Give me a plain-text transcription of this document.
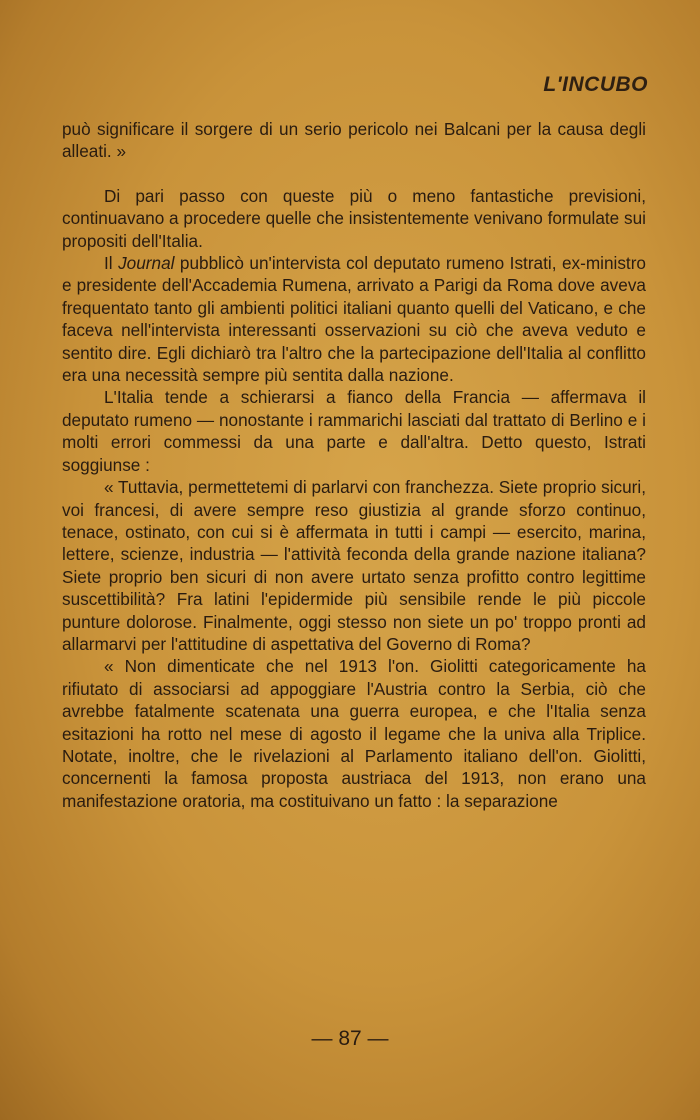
L'INCUBO

può significare il sorgere di un serio pericolo nei Balcani per la causa degli alleati. »

Di pari passo con queste più o meno fantastiche previsioni, continuavano a procedere quelle che insistentemente venivano formulate sui propositi dell'Italia.

Il Journal pubblicò un'intervista col deputato rumeno Istrati, ex-ministro e presidente dell'Accademia Rumena, arrivato a Parigi da Roma dove aveva frequentato tanto gli ambienti politici italiani quanto quelli del Vaticano, e che faceva nell'intervista interessanti osservazioni su ciò che aveva veduto e sentito dire. Egli dichiarò tra l'altro che la partecipazione dell'Italia al conflitto era una necessità sempre più sentita dalla nazione.

L'Italia tende a schierarsi a fianco della Francia — affermava il deputato rumeno — nonostante i rammarichi lasciati dal trattato di Berlino e i molti errori commessi da una parte e dall'altra. Detto questo, Istrati soggiunse :

« Tuttavia, permettetemi di parlarvi con franchezza. Siete proprio sicuri, voi francesi, di avere sempre reso giustizia al grande sforzo continuo, tenace, ostinato, con cui si è affermata in tutti i campi — esercito, marina, lettere, scienze, industria — l'attività feconda della grande nazione italiana? Siete proprio ben sicuri di non avere urtato senza profitto contro legittime suscettibilità? Fra latini l'epidermide più sensibile rende le più piccole punture dolorose. Finalmente, oggi stesso non siete un po' troppo pronti ad allarmarvi per l'attitudine di aspettativa del Governo di Roma?

« Non dimenticate che nel 1913 l'on. Giolitti categoricamente ha rifiutato di associarsi ad appoggiare l'Austria contro la Serbia, ciò che avrebbe fatalmente scatenata una guerra europea, e che l'Italia senza esitazioni ha rotto nel mese di agosto il legame che la univa alla Triplice. Notate, inoltre, che le rivelazioni al Parlamento italiano dell'on. Giolitti, concernenti la famosa proposta austriaca del 1913, non erano una manifestazione oratoria, ma costituivano un fatto : la separazione

— 87 —
